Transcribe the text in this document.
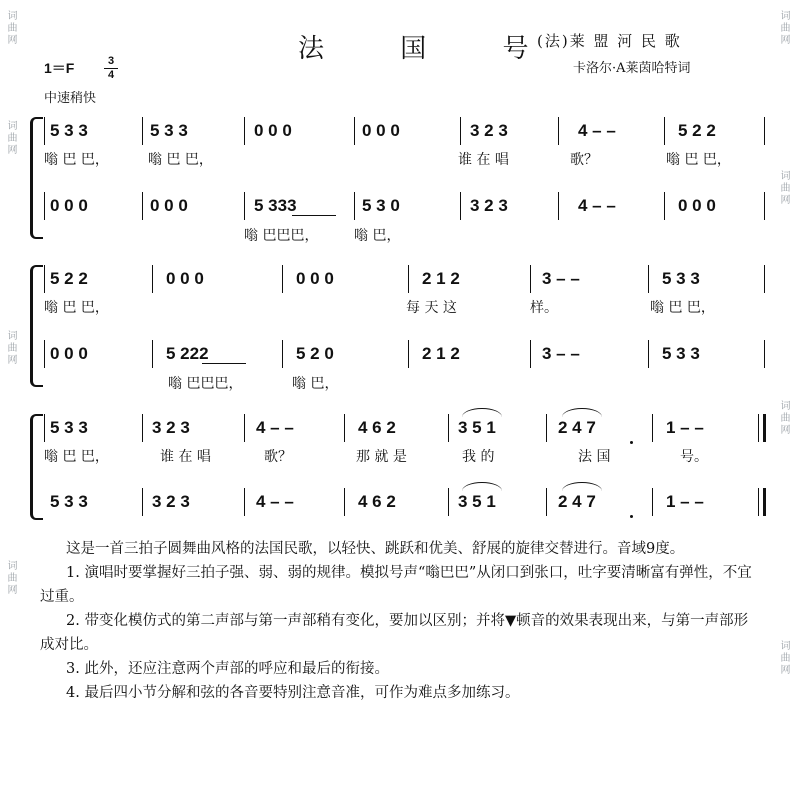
词曲网
词曲网
词曲网
词曲网
词曲网
词曲网
词曲网
词曲网
法 国 号
(法)莱 盟 河 民 歌
卡洛尔·A莱茵哈特词
1＝F	3
4
中速稍快
5 3 3	5 3 3	0 0 0	0 0 0	3 2 3	4 – –	5 2 2
嗡 巴 巴，	嗡 巴 巴，	谁 在 唱	歌？	嗡 巴 巴，
0 0 0	0 0 0	5 333	5 3 0	3 2 3	4 – –	0 0 0
嗡 巴巴巴，	嗡 巴，
5 2 2	0 0 0	0 0 0	2 1 2	3 – –	5 3 3
嗡 巴 巴，	每 天 这	样。	嗡 巴 巴，
0 0 0	5 222	5 2 0	2 1 2	3 – –	5 3 3
嗡 巴巴巴，	嗡 巴，
5 3 3	3 2 3	4 – –	4 6 2	3 5 1	2 4 7	1 – –
嗡 巴 巴，	谁 在 唱	歌？	那 就 是	我 的	法 国	号。
5 3 3	3 2 3	4 – –	4 6 2	3 5 1	2 4 7	1 – –

这是一首三拍子圆舞曲风格的法国民歌，以轻快、跳跃和优美、舒展的旋律交替进行。音域9度。

1. 演唱时要掌握好三拍子强、弱、弱的规律。模拟号声“嗡巴巴”从闭口到张口，吐字要清晰富有弹性，不宜过重。

2. 带变化模仿式的第二声部与第一声部稍有变化，要加以区别；并将▼顿音的效果表现出来，与第一声部形成对比。

3. 此外，还应注意两个声部的呼应和最后的衔接。

4. 最后四小节分解和弦的各音要特别注意音准，可作为难点多加练习。
